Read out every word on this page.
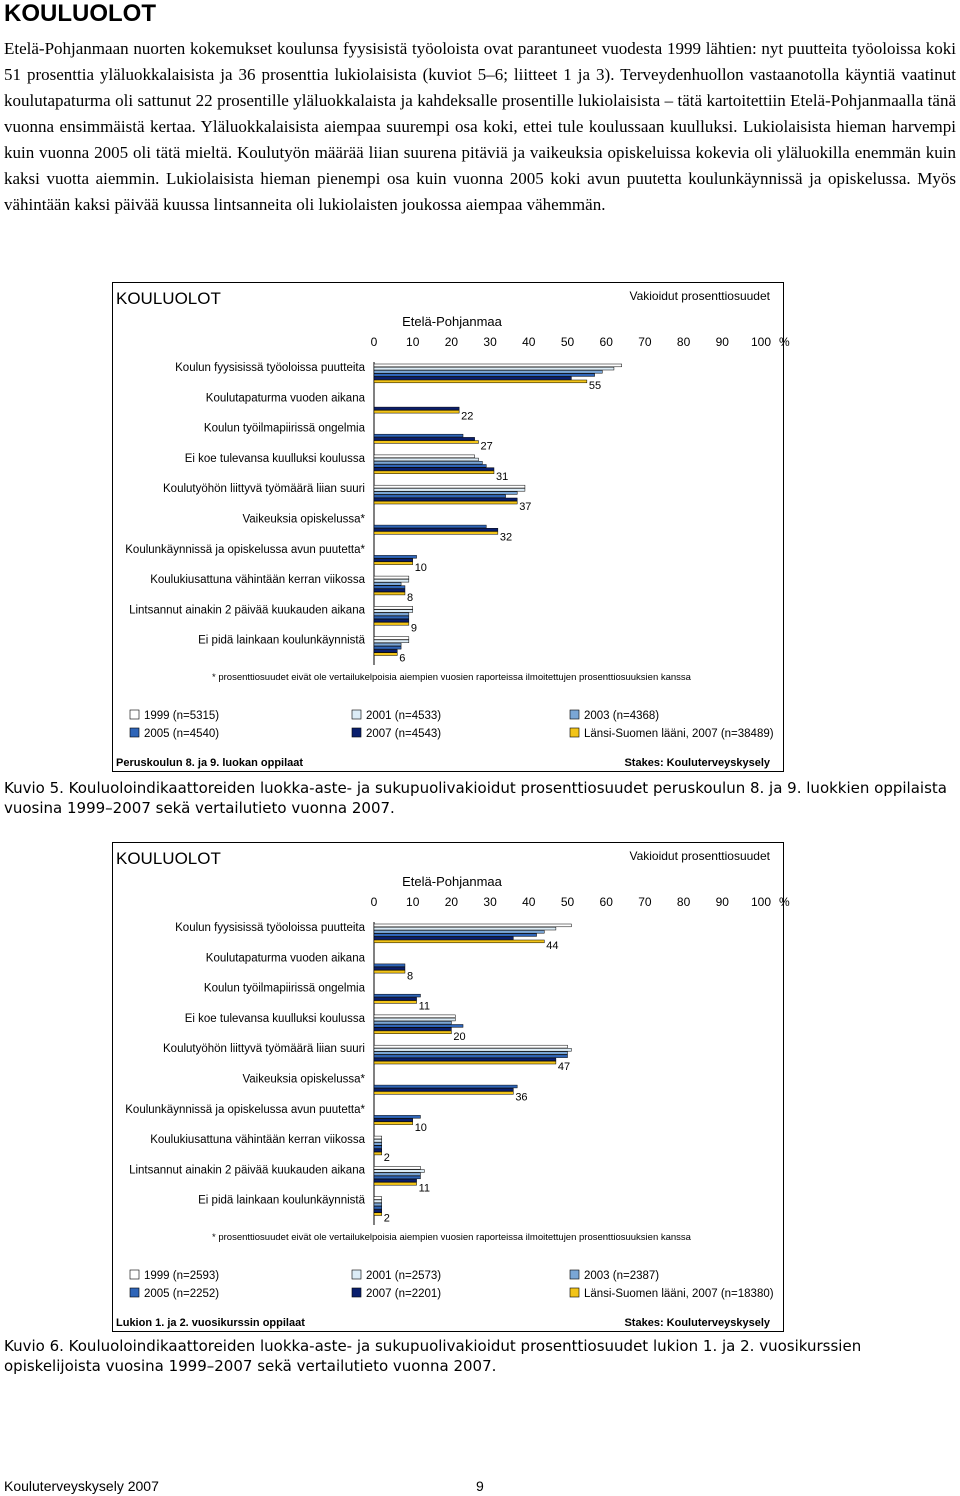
KOULUOLOT

Etelä-Pohjanmaan nuorten kokemukset koulunsa fyysisistä työoloista ovat parantuneet vuodesta 1999 lähtien: nyt puutteita työoloissa koki 51 prosenttia yläluokkalaisista ja 36 prosenttia lukiolaisista (kuviot 5–6; liitteet 1 ja 3). Terveydenhuollon vastaanotolla käyntiä vaatinut koulutapaturma oli sattunut 22 prosentille yläluokkalaista ja kahdeksalle prosentille lukiolaisista – tätä kartoitettiin Etelä-Pohjanmaalla tänä vuonna ensimmäistä kertaa. Yläluokkalaisista aiempaa suurempi osa koki, ettei tule koulussaan kuulluksi. Lukiolaisista hieman harvempi kuin vuonna 2005 oli tätä mieltä. Koulutyön määrää liian suurena pitäviä ja vaikeuksia opiskeluissa kokevia oli yläluokilla enemmän kuin kaksi vuotta aiemmin. Lukiolaisista hieman pienempi osa kuin vuonna 2005 koki avun puutetta koulunkäynnissä ja opiskelussa. Myös vähintään kaksi päivää kuussa lintsanneita oli lukiolaisten joukossa aiempaa vähemmän.

KOULUOLOT	Vakioidut prosenttiosuudet
Etelä-Pohjanmaa
0 10 20 30 40 50 60 70 80 90 100 %
Koulun fyysisissä työoloissa puutteita
55
Koulutapaturma vuoden aikana
22
Koulun työilmapiirissä ongelmia
27
Ei koe tulevansa kuulluksi koulussa
31
Koulutyöhön liittyvä työmäärä liian suuri
37
Vaikeuksia opiskelussa*
32
Koulunkäynnissä ja opiskelussa avun puutetta*
10
Koulukiusattuna vähintään kerran viikossa
8
Lintsannut ainakin 2 päivää kuukauden aikana
9
Ei pidä lainkaan koulunkäynnistä
6
* prosenttiosuudet eivät ole vertailukelpoisia aiempien vuosien raporteissa ilmoitettujen prosenttiosuuksien kanssa
1999 (n=5315)	2001 (n=4533)	2003 (n=4368)
2005 (n=4540)	2007 (n=4543)	Länsi-Suomen lääni, 2007 (n=38489)
Peruskoulun 8. ja 9. luokan oppilaat	Stakes: Kouluterveyskysely

Kuvio 5. Kouluoloindikaattoreiden luokka-aste- ja sukupuolivakioidut prosenttiosuudet peruskoulun 8. ja 9. luokkien oppilaista vuosina 1999–2007 sekä vertailutieto vuonna 2007.

KOULUOLOT	Vakioidut prosenttiosuudet
Etelä-Pohjanmaa
0 10 20 30 40 50 60 70 80 90 100 %
Koulun fyysisissä työoloissa puutteita
44
Koulutapaturma vuoden aikana
8
Koulun työilmapiirissä ongelmia
11
Ei koe tulevansa kuulluksi koulussa
20
Koulutyöhön liittyvä työmäärä liian suuri
47
Vaikeuksia opiskelussa*
36
Koulunkäynnissä ja opiskelussa avun puutetta*
10
Koulukiusattuna vähintään kerran viikossa
2
Lintsannut ainakin 2 päivää kuukauden aikana
11
Ei pidä lainkaan koulunkäynnistä
2
* prosenttiosuudet eivät ole vertailukelpoisia aiempien vuosien raporteissa ilmoitettujen prosenttiosuuksien kanssa
1999 (n=2593)	2001 (n=2573)	2003 (n=2387)
2005 (n=2252)	2007 (n=2201)	Länsi-Suomen lääni, 2007 (n=18380)
Lukion 1. ja 2. vuosikurssin oppilaat	Stakes: Kouluterveyskysely

Kuvio 6. Kouluoloindikaattoreiden luokka-aste- ja sukupuolivakioidut prosenttiosuudet lukion 1. ja 2. vuosikurssien opiskelijoista vuosina 1999–2007 sekä vertailutieto vuonna 2007.

Kouluterveyskysely 2007	9
